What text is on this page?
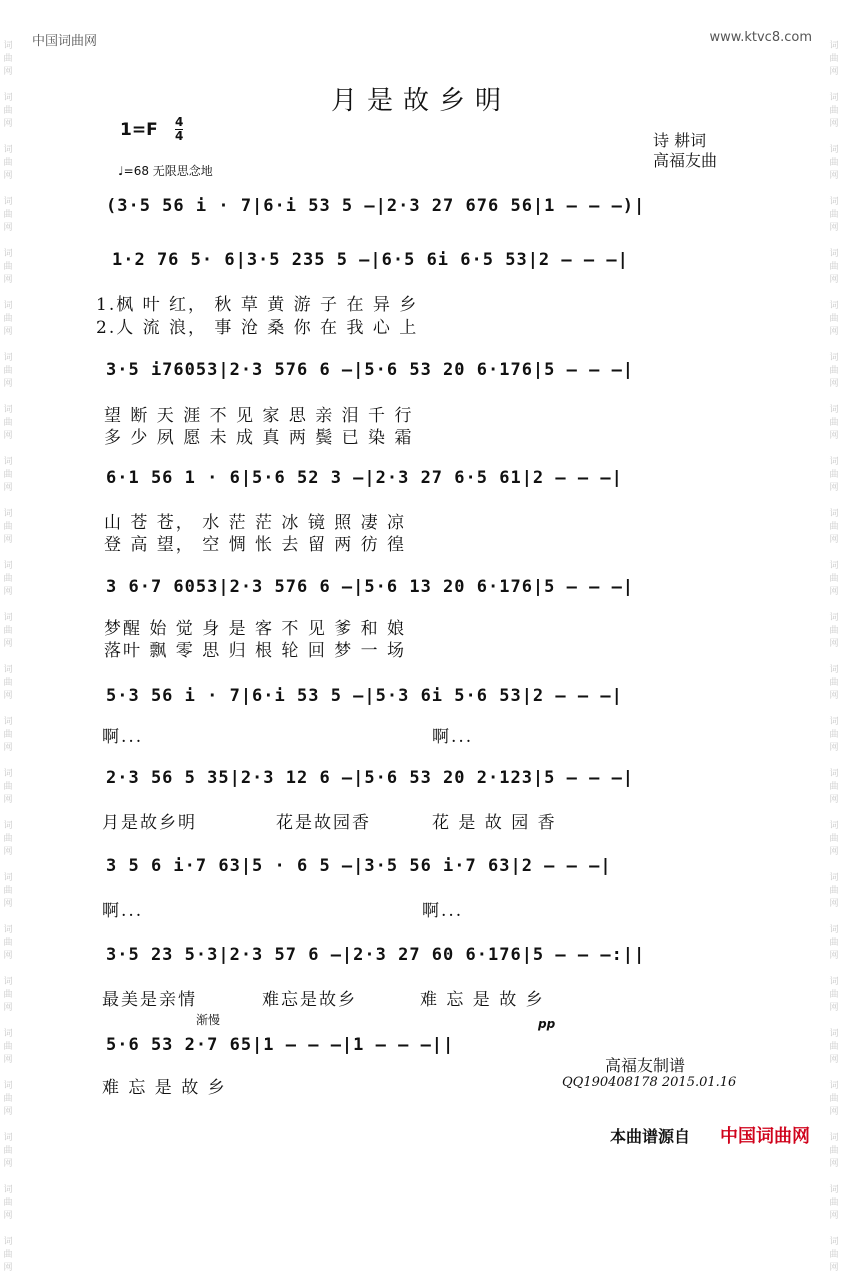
中国词曲网	www.ktvc8.com
词
曲
网

词
曲
网

词
曲
网

词
曲
网

词
曲
网

词
曲
网

词
曲
网

词
曲
网

词
曲
网

词
曲
网

词
曲
网

词
曲
网

词
曲
网

词
曲
网

词
曲
网

词
曲
网

词
曲
网

词
曲
网

词
曲
网

词
曲
网

词
曲
网

词
曲
网

词
曲
网

词
曲
网

词
曲
网

词
曲
网

词
曲
网

词
曲
网

词
曲
网

词
曲
网

词
曲
网

词
曲
网

词
曲
网

词
曲
网

词
曲
网

词
曲
网

词
曲
网

词
曲
网

词
曲
网

词
曲
网

词
曲
网

词
曲
网

词
曲
网

词
曲
网

词
曲
网

词
曲
网

词
曲
网

词
曲
网

月是故乡明
1=F 4
4
♩=68 无限思念地
诗 耕词
高福友曲
(3·5 56 i · 7|6·i 53 5 –|2·3 27 676 56|1 – – –)|
1·2 76 5· 6|3·5 235 5 –|6·5 6i 6·5 53|2 – – –|
1.枫 叶 红， 秋 草 黄 游 子 在 异 乡
2.人 流 浪， 事 沧 桑 你 在 我 心 上
3·5 i76053|2·3 576 6 –|5·6 53 20 6·176|5 – – –|
望 断 天 涯 不 见 家 思 亲 泪 千 行
多 少 夙 愿 未 成 真 两 鬓 已 染 霜
6·1 56 1 · 6|5·6 52 3 –|2·3 27 6·5 61|2 – – –|
山 苍 苍， 水 茫 茫 冰 镜 照 凄 凉
登 高 望， 空 惆 怅 去 留 两 彷 徨
3 6·7 6053|2·3 576 6 –|5·6 13 20 6·176|5 – – –|
梦醒 始 觉 身 是 客 不 见 爹 和 娘
落叶 飘 零 思 归 根 轮 回 梦 一 场
5·3 56 i · 7|6·i 53 5 –|5·3 6i 5·6 53|2 – – –|
啊...	啊...
2·3 56 5 35|2·3 12 6 –|5·6 53 20 2·123|5 – – –|
月是故乡明	花是故园香	花 是 故 园 香
3 5 6 i·7 63|5 · 6 5 –|3·5 56 i·7 63|2 – – –|
啊...	啊...
3·5 23 5·3|2·3 57 6 –|2·3 27 60 6·176|5 – – –:||
最美是亲情	难忘是故乡	难 忘 是 故 乡
渐慢	pp
5·6 53 2·7 65|1 – – –|1 – – –||
难 忘 是 故 乡
高福友制谱
QQ190408178 2015.01.16
本曲谱源自 中国词曲网
